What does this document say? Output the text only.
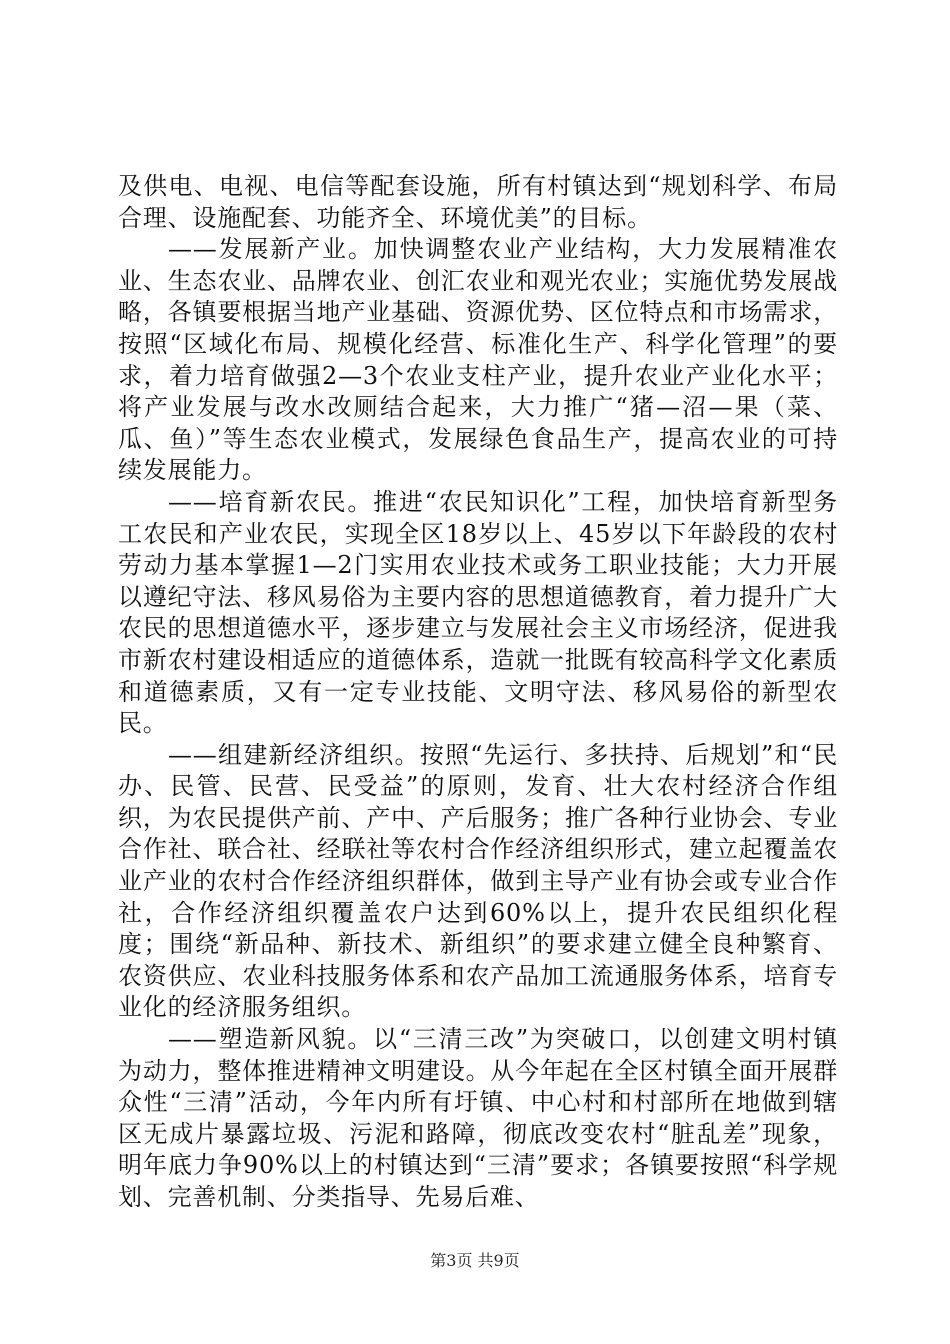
及供电、电视、电信等配套设施，所有村镇达到“规划科学、布局合理、设施配套、功能齐全、环境优美”的目标。

——发展新产业。加快调整农业产业结构，大力发展精准农业、生态农业、品牌农业、创汇农业和观光农业；实施优势发展战略，各镇要根据当地产业基础、资源优势、区位特点和市场需求，按照“区域化布局、规模化经营、标准化生产、科学化管理”的要求，着力培育做强2—3个农业支柱产业，提升农业产业化水平；将产业发展与改水改厕结合起来，大力推广“猪—沼—果（菜、瓜、鱼）”等生态农业模式，发展绿色食品生产，提高农业的可持续发展能力。

——培育新农民。推进“农民知识化”工程，加快培育新型务工农民和产业农民，实现全区18岁以上、45岁以下年龄段的农村劳动力基本掌握1—2门实用农业技术或务工职业技能；大力开展以遵纪守法、移风易俗为主要内容的思想道德教育，着力提升广大农民的思想道德水平，逐步建立与发展社会主义市场经济，促进我市新农村建设相适应的道德体系，造就一批既有较高科学文化素质和道德素质，又有一定专业技能、文明守法、移风易俗的新型农民。

——组建新经济组织。按照“先运行、多扶持、后规划”和“民办、民管、民营、民受益”的原则，发育、壮大农村经济合作组织，为农民提供产前、产中、产后服务；推广各种行业协会、专业合作社、联合社、经联社等农村合作经济组织形式，建立起覆盖农业产业的农村合作经济组织群体，做到主导产业有协会或专业合作社，合作经济组织覆盖农户达到60%以上，提升农民组织化程度；围绕“新品种、新技术、新组织”的要求建立健全良种繁育、农资供应、农业科技服务体系和农产品加工流通服务体系，培育专业化的经济服务组织。

——塑造新风貌。以“三清三改”为突破口，以创建文明村镇为动力，整体推进精神文明建设。从今年起在全区村镇全面开展群众性“三清”活动，今年内所有圩镇、中心村和村部所在地做到辖区无成片暴露垃圾、污泥和路障，彻底改变农村“脏乱差”现象，明年底力争90%以上的村镇达到“三清”要求；各镇要按照“科学规划、完善机制、分类指导、先易后难、

第3页 共9页
